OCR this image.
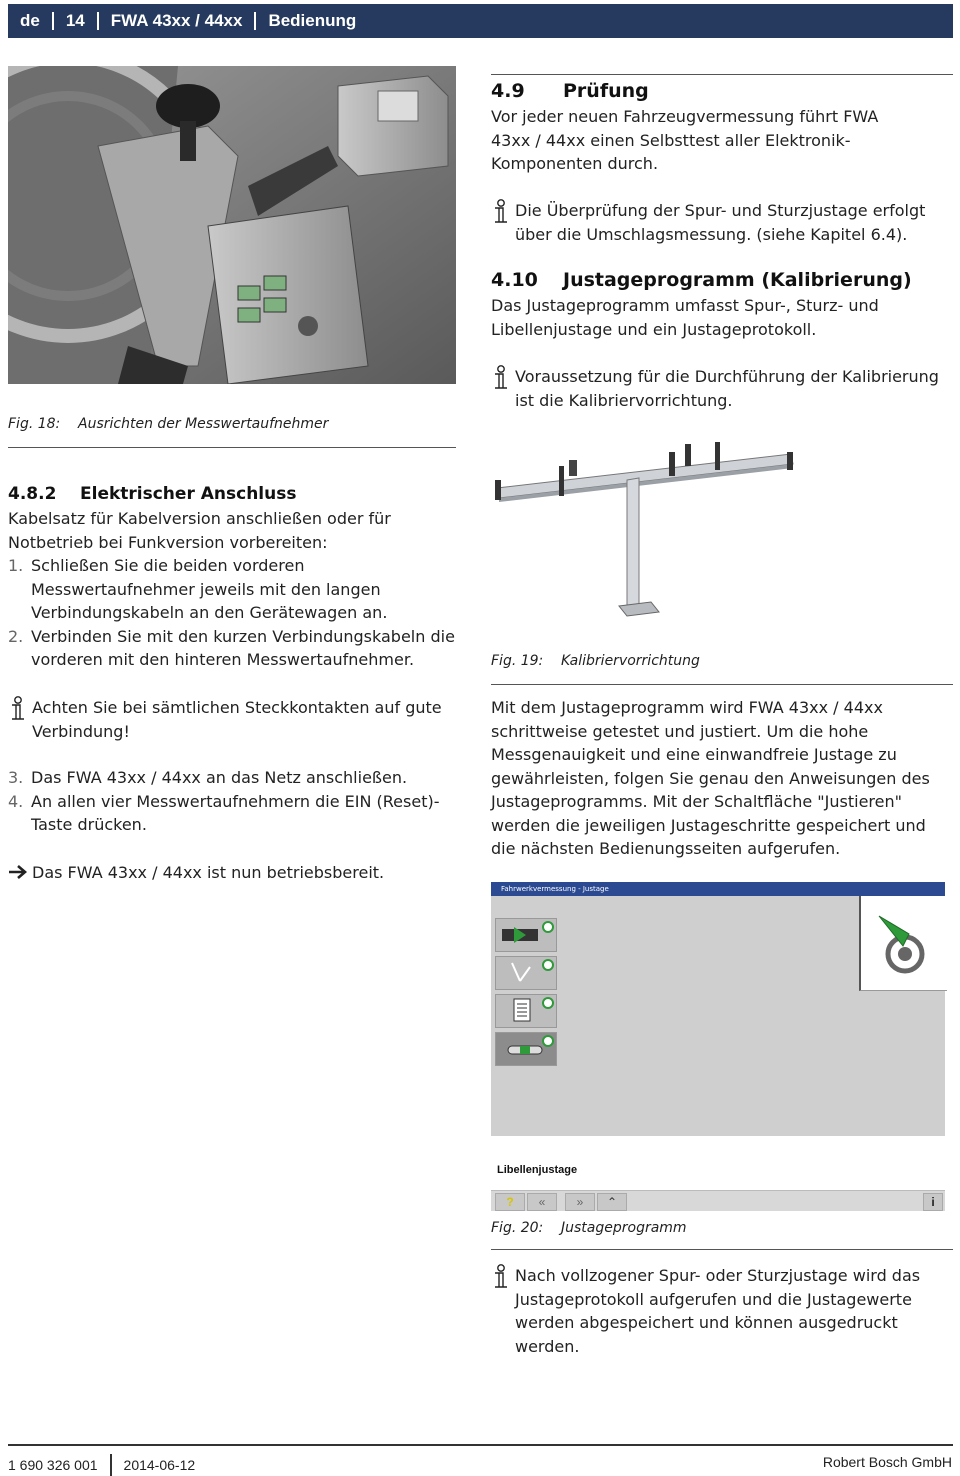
de 14 FWA 43xx / 44xx Bedienung
Fig. 18: Ausrichten der Messwertaufnehmer
4.9 Prüfung

Vor jeder neuen Fahrzeugvermessung führt FWA 43xx / 44xx einen Selbsttest aller Elektronik-Komponenten durch.

Die Überprüfung der Spur- und Sturzjustage erfolgt über die Umschlagsmessung. (siehe Kapitel 6.4).
4.10 Justageprogramm (Kalibrierung)

Das Justageprogramm umfasst Spur-, Sturz- und Libellenjustage und ein Justageprotokoll.

Voraussetzung für die Durchführung der Kalibrierung ist die Kalibriervorrichtung.
4.8.2 Elektrischer Anschluss

Kabelsatz für Kabelversion anschließen oder für Notbetrieb bei Funkversion vorbereiten:

1. Schließen Sie die beiden vorderen Messwertaufnehmer jeweils mit den langen Verbindungskabeln an den Gerätewagen an.
2. Verbinden Sie mit den kurzen Verbindungskabeln die vorderen mit den hinteren Messwertaufnehmer.
Achten Sie bei sämtlichen Steckkontakten auf gute Verbindung!
3. Das FWA 43xx / 44xx an das Netz anschließen.
4. An allen vier Messwertaufnehmern die EIN (Reset)-Taste drücken.
Das FWA 43xx / 44xx ist nun betriebsbereit.
Fig. 19: Kalibriervorrichtung

Mit dem Justageprogramm wird FWA 43xx / 44xx schrittweise getestet und justiert. Um die hohe Messgenauigkeit und eine einwandfreie Justage zu gewährleisten, folgen Sie genau den Anweisungen des Justageprogramms. Mit der Schaltfläche "Justieren" werden die jeweiligen Justageschritte gespeichert und die nächsten Bedienungsseiten aufgerufen.

Fahrwerkvermessung - Justage
Libellenjustage
?	«	»	⌃	i
Fig. 20: Justageprogramm
Nach vollzogener Spur- oder Sturzjustage wird das Justageprotokoll aufgerufen und die Justagewerte werden abgespeichert und können ausgedruckt werden.
1 690 326 001 2014-06-12	Robert Bosch GmbH
